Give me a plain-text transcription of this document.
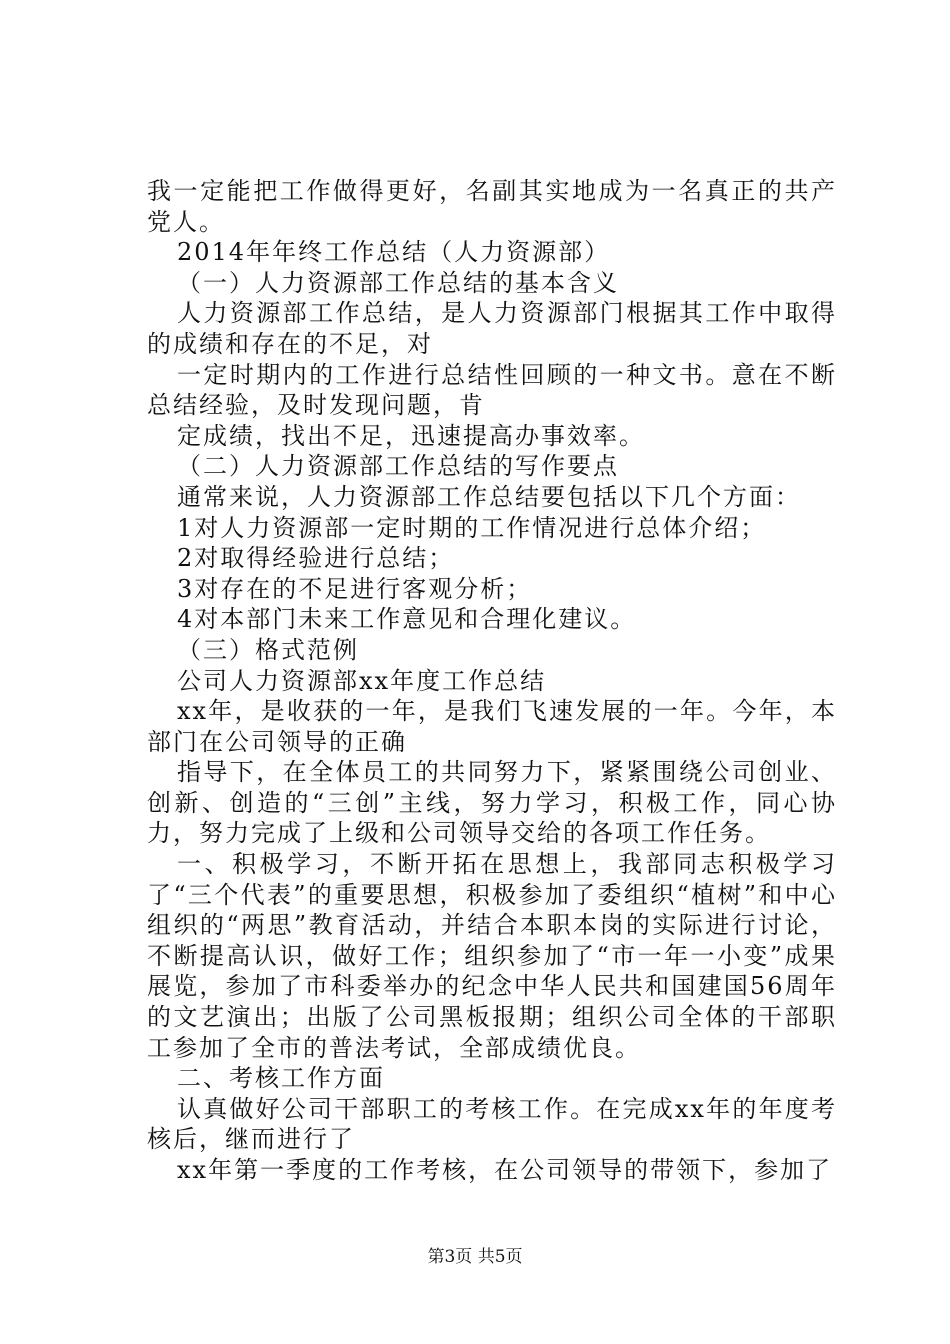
我一定能把工作做得更好，名副其实地成为一名真正的共产党人。

2014年年终工作总结（人力资源部）

（一）人力资源部工作总结的基本含义

人力资源部工作总结，是人力资源部门根据其工作中取得的成绩和存在的不足，对

一定时期内的工作进行总结性回顾的一种文书。意在不断总结经验，及时发现问题，肯

定成绩，找出不足，迅速提高办事效率。

（二）人力资源部工作总结的写作要点

通常来说，人力资源部工作总结要包括以下几个方面：

1对人力资源部一定时期的工作情况进行总体介绍；

2对取得经验进行总结；

3对存在的不足进行客观分析；

4对本部门未来工作意见和合理化建议。

（三）格式范例

公司人力资源部xx年度工作总结

xx年，是收获的一年，是我们飞速发展的一年。今年，本部门在公司领导的正确

指导下，在全体员工的共同努力下，紧紧围绕公司创业、创新、创造的“三创”主线，努力学习，积极工作，同心协力，努力完成了上级和公司领导交给的各项工作任务。

一、积极学习，不断开拓在思想上，我部同志积极学习了“三个代表”的重要思想，积极参加了委组织“植树”和中心组织的“两思”教育活动，并结合本职本岗的实际进行讨论，不断提高认识，做好工作；组织参加了“市一年一小变”成果展览，参加了市科委举办的纪念中华人民共和国建国56周年的文艺演出；出版了公司黑板报期；组织公司全体的干部职工参加了全市的普法考试，全部成绩优良。

二、考核工作方面

认真做好公司干部职工的考核工作。在完成xx年的年度考核后，继而进行了

xx年第一季度的工作考核，在公司领导的带领下，参加了

第3页 共5页
